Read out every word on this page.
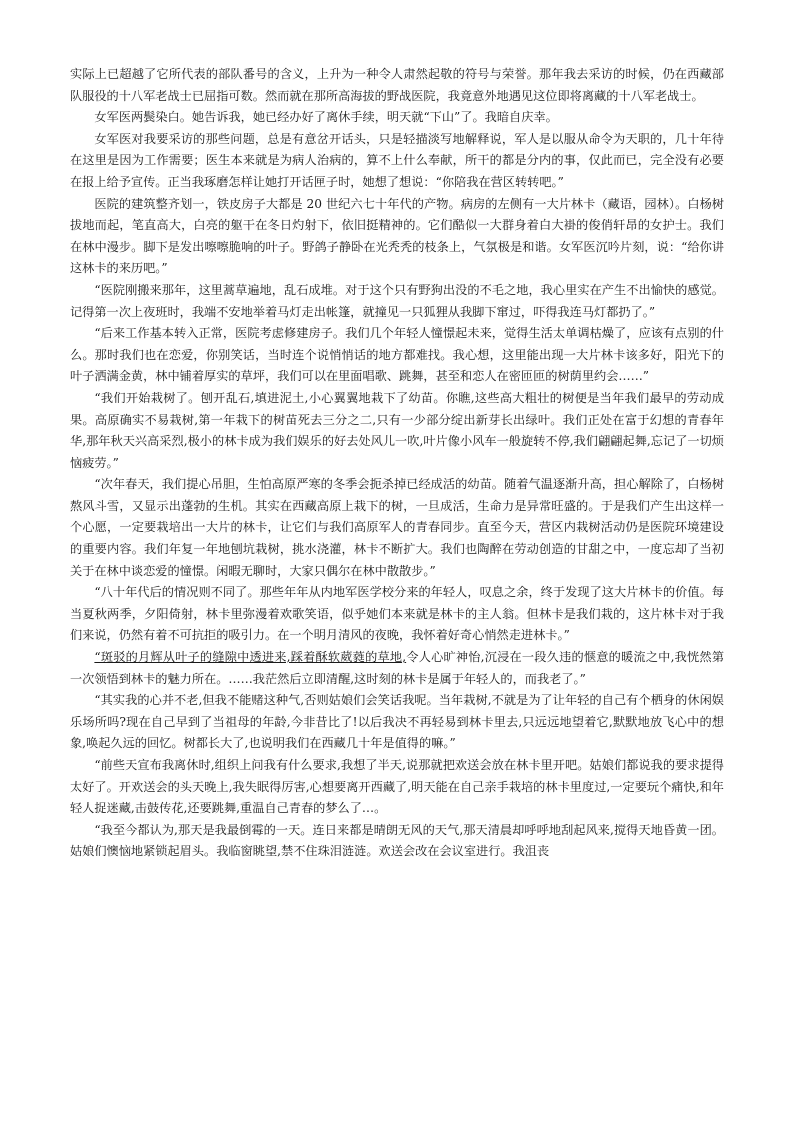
实际上已超越了它所代表的部队番号的含义，上升为一种令人肃然起敬的符号与荣誉。那年我去采访的时候，仍在西藏部队服役的十八军老战士已屈指可数。然而就在那所高海拔的野战医院，我竟意外地遇见这位即将离藏的十八军老战士。

女军医两鬓染白。她告诉我，她已经办好了离休手续，明天就“下山”了。我暗自庆幸。

女军医对我要采访的那些问题，总是有意岔开话头，只是轻描淡写地解释说，军人是以服从命令为天职的，几十年待在这里是因为工作需要；医生本来就是为病人治病的，算不上什么奉献，所干的都是分内的事，仅此而已，完全没有必要在报上给予宣传。正当我琢磨怎样让她打开话匣子时，她想了想说：“你陪我在营区转转吧。”

医院的建筑整齐划一，铁皮房子大都是 20 世纪六七十年代的产物。病房的左侧有一大片林卡（藏语，园林）。白杨树拔地而起，笔直高大，白亮的躯干在冬日灼射下，依旧挺精神的。它们酷似一大群身着白大褂的俊俏轩昂的女护士。我们在林中漫步。脚下是发出嚓嚓脆响的叶子。野鸽子静卧在光秃秃的枝条上，气氛极是和谐。女军医沉吟片刻，说：“给你讲这林卡的来历吧。”

“医院刚搬来那年，这里蒿草遍地，乱石成堆。对于这个只有野狗出没的不毛之地，我心里实在产生不出愉快的感觉。记得第一次上夜班时，我端不安地举着马灯走出帐篷，就撞见一只狐狸从我脚下窜过，吓得我连马灯都扔了。”

“后来工作基本转入正常，医院考虑修建房子。我们几个年轻人憧憬起未来，觉得生活太单调枯燥了，应该有点别的什么。那时我们也在恋爱，你别笑话，当时连个说悄悄话的地方都难找。我心想，这里能出现一大片林卡该多好，阳光下的叶子洒满金黄，林中铺着厚实的草坪，我们可以在里面唱歌、跳舞，甚至和恋人在密匝匝的树荫里约会……”

“我们开始栽树了。刨开乱石,填进泥土,小心翼翼地栽下了幼苗。你瞧,这些高大粗壮的树便是当年我们最早的劳动成果。高原确实不易栽树,第一年栽下的树苗死去三分之二,只有一少部分绽出新芽长出绿叶。我们正处在富于幻想的青春年华,那年秋天兴高采烈,极小的林卡成为我们娱乐的好去处风儿一吹,叶片像小风车一般旋转不停,我们翩翩起舞,忘记了一切烦恼疲劳。”

“次年春天，我们提心吊胆，生怕高原严寒的冬季会扼杀掉已经成活的幼苗。随着气温逐渐升高，担心解除了，白杨树熬风斗雪，又显示出蓬勃的生机。其实在西藏高原上栽下的树，一旦成活，生命力是异常旺盛的。于是我们产生出这样一个心愿，一定要栽培出一大片的林卡，让它们与我们高原军人的青春同步。直至今天，营区内栽树活动仍是医院环境建设的重要内容。我们年复一年地刨坑栽树，挑水浇灌，林卡不断扩大。我们也陶醉在劳动创造的甘甜之中，一度忘却了当初关于在林中谈恋爱的憧憬。闲暇无聊时，大家只偶尔在林中散散步。”

“八十年代后的情况则不同了。那些年年从内地军医学校分来的年轻人，叹息之余，终于发现了这大片林卡的价值。每当夏秋两季，夕阳倚射，林卡里弥漫着欢歌笑语，似乎她们本来就是林卡的主人翁。但林卡是我们栽的，这片林卡对于我们来说，仍然有着不可抗拒的吸引力。在一个明月清风的夜晚，我怀着好奇心悄然走进林卡。”

“斑驳的月辉从叶子的缝隙中透进来,踩着酥软葳蕤的草地,令人心旷神怡,沉浸在一段久违的惬意的暖流之中,我恍然第一次领悟到林卡的魅力所在。……我茫然后立即清醒,这时刻的林卡是属于年轻人的，而我老了。”

“其实我的心并不老,但我不能赌这种气,否则姑娘们会笑话我呢。当年栽树,不就是为了让年轻的自己有个栖身的休闲娱乐场所吗?现在自己早到了当祖母的年龄,今非昔比了!以后我决不再轻易到林卡里去,只远远地望着它,默默地放飞心中的想象,唤起久远的回忆。树都长大了,也说明我们在西藏几十年是值得的嘛。”

“前些天宣布我离休时,组织上问我有什么要求,我想了半天,说那就把欢送会放在林卡里开吧。姑娘们都说我的要求提得太好了。开欢送会的头天晚上,我失眠得厉害,心想要离开西藏了,明天能在自己亲手栽培的林卡里度过,一定要玩个痛快,和年轻人捉迷藏,击鼓传花,还要跳舞,重温自己青春的梦么了…。

“我至今都认为,那天是我最倒霉的一天。连日来都是晴朗无风的天气,那天清晨却呼呼地刮起风来,搅得天地昏黄一团。姑娘们懊恼地紧锁起眉头。我临窗眺望,禁不住珠泪涟涟。欢送会改在会议室进行。我沮丧
